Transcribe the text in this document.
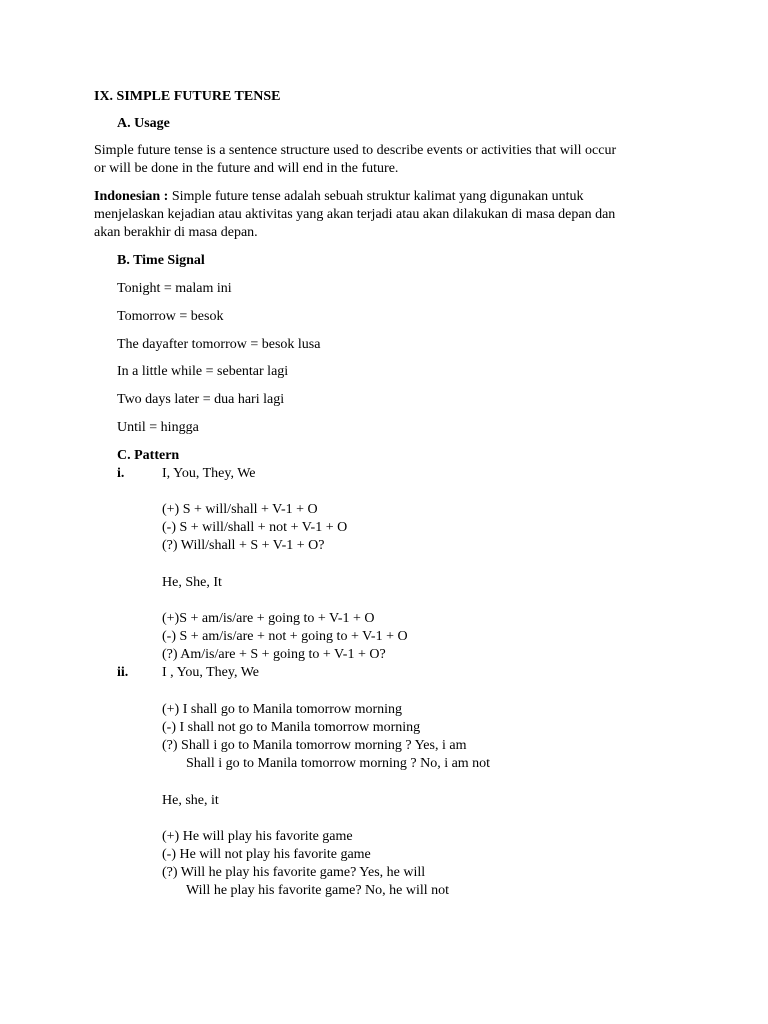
IX. SIMPLE FUTURE TENSE
A. Usage
Simple future tense is a sentence structure used to describe events or activities that will occur
or will be done in the future and will end in the future.
Indonesian : Simple future tense adalah sebuah struktur kalimat yang digunakan untuk
menjelaskan kejadian atau aktivitas yang akan terjadi atau akan dilakukan di masa depan dan
akan berakhir di masa depan.
B. Time Signal
Tonight = malam ini
Tomorrow = besok
The dayafter tomorrow = besok lusa
In a little while = sebentar lagi
Two days later = dua hari lagi
Until = hingga
C. Pattern
i.	I, You, They, We
(+) S + will/shall + V-1 + O
(-) S + will/shall + not + V-1 + O
(?) Will/shall + S + V-1 + O?
He, She, It
(+)S + am/is/are + going to + V-1 + O
(-) S + am/is/are + not + going to + V-1 + O
(?) Am/is/are + S + going to + V-1 + O?
ii. I , You, They, We
(+) I shall go to Manila tomorrow morning
(-) I shall not go to Manila tomorrow morning
(?) Shall i go to Manila tomorrow morning ? Yes, i am
Shall i go to Manila tomorrow morning ? No, i am not
He, she, it
(+) He will play his favorite game
(-) He will not play his favorite game
(?) Will he play his favorite game? Yes, he will
Will he play his favorite game? No, he will not
